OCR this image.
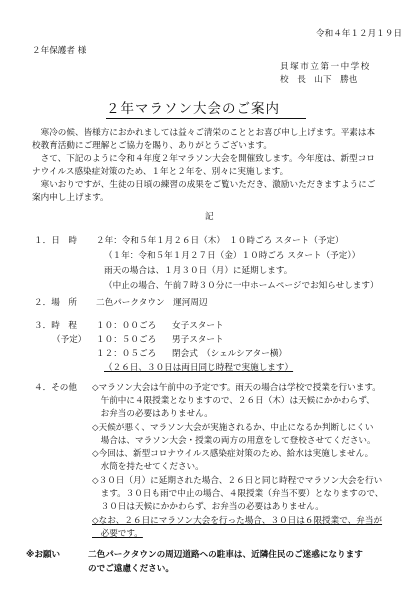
令和４年１２月１９日
２年保護者 様
貝塚市立第一中学校
校　長　山下　勝也
２年マラソン大会のご案内
　寒冷の候、皆様方におかれましては益々ご清栄のこととお喜び申し上げます。平素は本
校教育活動にご理解とご協力を賜り、ありがとうございます。
　さて、下記のように令和４年度２年マラソン大会を開催致します。今年度は、新型コロ
ナウイルス感染症対策のため、１年と２年を、別々に実施します。
　寒いおりですが、生徒の日頃の練習の成果をご覧いただき、激励いただきますようにご
案内申し上げます。
記
１．日　時 ２年：令和５年１月２６日（木）　１０時ごろ スタート（予定）
（１年：令和５年１月２７日（金）１０時ごろ スタート（予定））
雨天の場合は、１月３０日（月）に延期します。
（中止の場合、午前７時３０分に一中ホームページでお知らせします）
２．場　所 二色パークタウン　運河周辺
３．時　程
（予定）
１０：００ごろ 女子スタート
１０：５０ごろ 男子スタート
１２：０５ごろ 閉会式　（シェルシアター横）
（２６日、３０日は両日同じ時程で実施します）
４．その他 ◇マラソン大会は午前中の予定です。雨天の場合は学校で授業を行います。
　午前中に４限授業となりますので、２６日（木）は天候にかかわらず、
　お弁当の必要はありません。
◇天候が悪く、マラソン大会が実施されるか、中止になるか判断しにくい
　場合は、マラソン大会・授業の両方の用意をして登校させてください。
◇今回は、新型コロナウイルス感染症対策のため、給水は実施しません。
　水筒を持たせてください。
◇３０日（月）に延期された場合、２６日と同じ時程でマラソン大会を行い
　ます。３０日も雨で中止の場合、４限授業（弁当不要）となりますので、
　３０日は天候にかかわらず、お弁当の必要はありません。
◇なお、２６日にマラソン大会を行った場合、３０日は６限授業で、弁当が
　必要です。
※お願い	二色パークタウンの周辺道路への駐車は、近隣住民のご迷惑になります
のでご遠慮ください。
